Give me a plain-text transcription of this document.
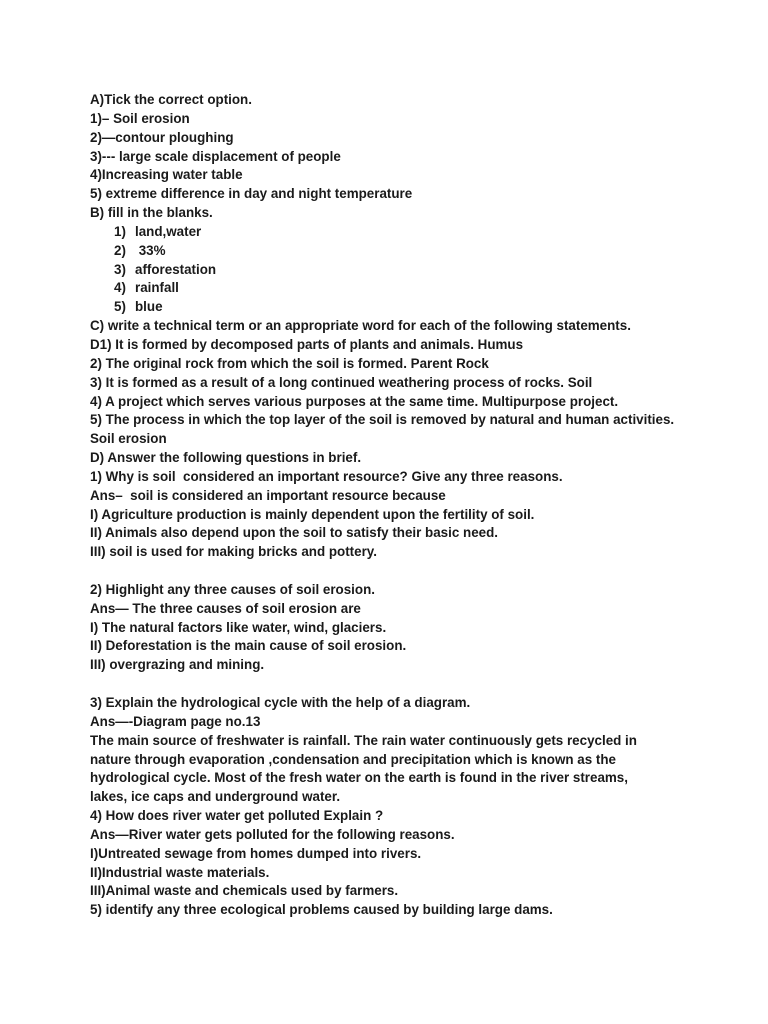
A)Tick the correct option.
1)– Soil erosion
2)—contour ploughing
3)--- large scale displacement of people
4)Increasing water table
5) extreme difference in day and night temperature
B) fill in the blanks.
1) land,water
2) 33%
3) afforestation
4) rainfall
5) blue
C) write a technical term or an appropriate word for each of the following statements.
D1) It is formed by decomposed parts of plants and animals. Humus
2) The original rock from which the soil is formed. Parent Rock
3) It is formed as a result of a long continued weathering process of rocks. Soil
4) A project which serves various purposes at the same time. Multipurpose project.
5) The process in which the top layer of the soil is removed by natural and human activities. Soil erosion
D) Answer the following questions in brief.
1) Why is soil  considered an important resource? Give any three reasons.
Ans–  soil is considered an important resource because
I) Agriculture production is mainly dependent upon the fertility of soil.
II) Animals also depend upon the soil to satisfy their basic need.
III) soil is used for making bricks and pottery.
2) Highlight any three causes of soil erosion.
Ans— The three causes of soil erosion are
I) The natural factors like water, wind, glaciers.
II) Deforestation is the main cause of soil erosion.
III) overgrazing and mining.
3) Explain the hydrological cycle with the help of a diagram.
Ans—-Diagram page no.13
The main source of freshwater is rainfall. The rain water continuously gets recycled in
nature through evaporation ,condensation and precipitation which is known as the
hydrological cycle. Most of the fresh water on the earth is found in the river streams,
lakes, ice caps and underground water.
4) How does river water get polluted Explain ?
Ans—River water gets polluted for the following reasons.
I)Untreated sewage from homes dumped into rivers.
II)Industrial waste materials.
III)Animal waste and chemicals used by farmers.
5) identify any three ecological problems caused by building large dams.
